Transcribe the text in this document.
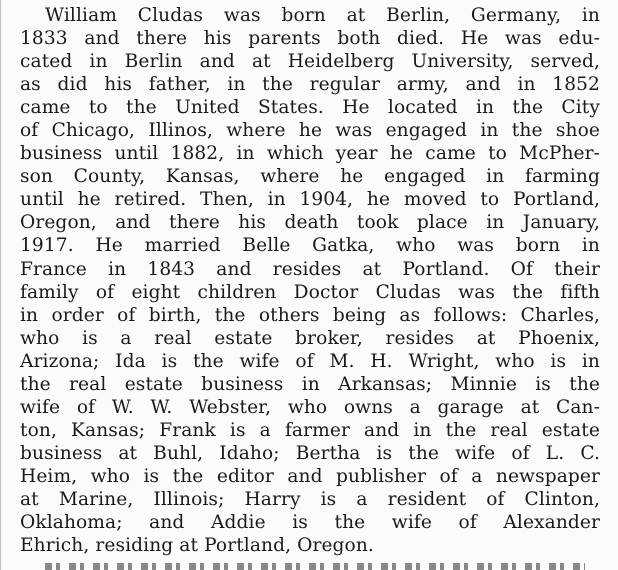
William Cludas was born at Berlin, Germany, in
1833 and there his parents both died. He was edu-
cated in Berlin and at Heidelberg University, served,
as did his father, in the regular army, and in 1852
came to the United States. He located in the City
of Chicago, Illinos, where he was engaged in the shoe
business until 1882, in which year he came to McPher-
son County, Kansas, where he engaged in farming
until he retired. Then, in 1904, he moved to Portland,
Oregon, and there his death took place in January,
1917. He married Belle Gatka, who was born in
France in 1843 and resides at Portland. Of their
family of eight children Doctor Cludas was the fifth
in order of birth, the others being as follows: Charles,
who is a real estate broker, resides at Phoenix,
Arizona; Ida is the wife of M. H. Wright, who is in
the real estate business in Arkansas; Minnie is the
wife of W. W. Webster, who owns a garage at Can-
ton, Kansas; Frank is a farmer and in the real estate
business at Buhl, Idaho; Bertha is the wife of L. C.
Heim, who is the editor and publisher of a newspaper
at Marine, Illinois; Harry is a resident of Clinton,
Oklahoma; and Addie is the wife of Alexander
Ehrich, residing at Portland, Oregon.
